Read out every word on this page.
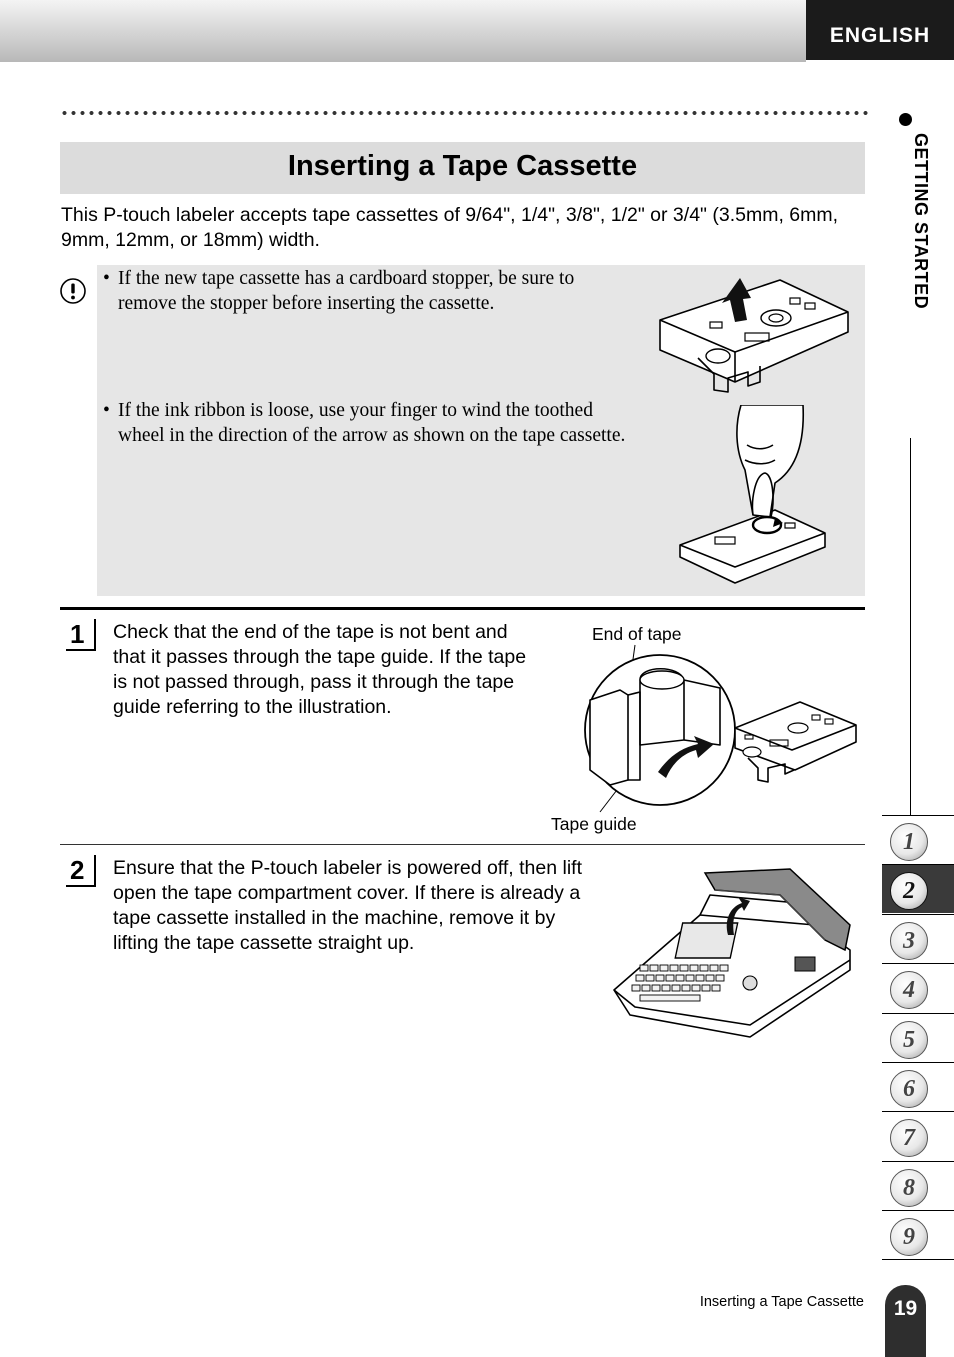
ENGLISH
Inserting a Tape Cassette

This P-touch labeler accepts tape cassettes of 9/64", 1/4", 3/8", 1/2" or 3/4" (3.5mm, 6mm, 9mm, 12mm, or 18mm) width.

• If the new tape cassette has a cardboard stopper, be sure to remove the stopper before inserting the cassette.

• If the ink ribbon is loose, use your finger to wind the toothed wheel in the direction of the arrow as shown on the tape cassette.

1 Check that the end of the tape is not bent and that it passes through the tape guide. If the tape is not passed through, pass it through the tape guide referring to the illustration.

End of tape
Tape guide
2 Ensure that the P-touch labeler is powered off, then lift open the tape compartment cover. If there is already a tape cassette installed in the machine, remove it by lifting the tape cassette straight up.

GETTING STARTED
1
2
3
4
5
6
7
8
9
Inserting a Tape Cassette	19
